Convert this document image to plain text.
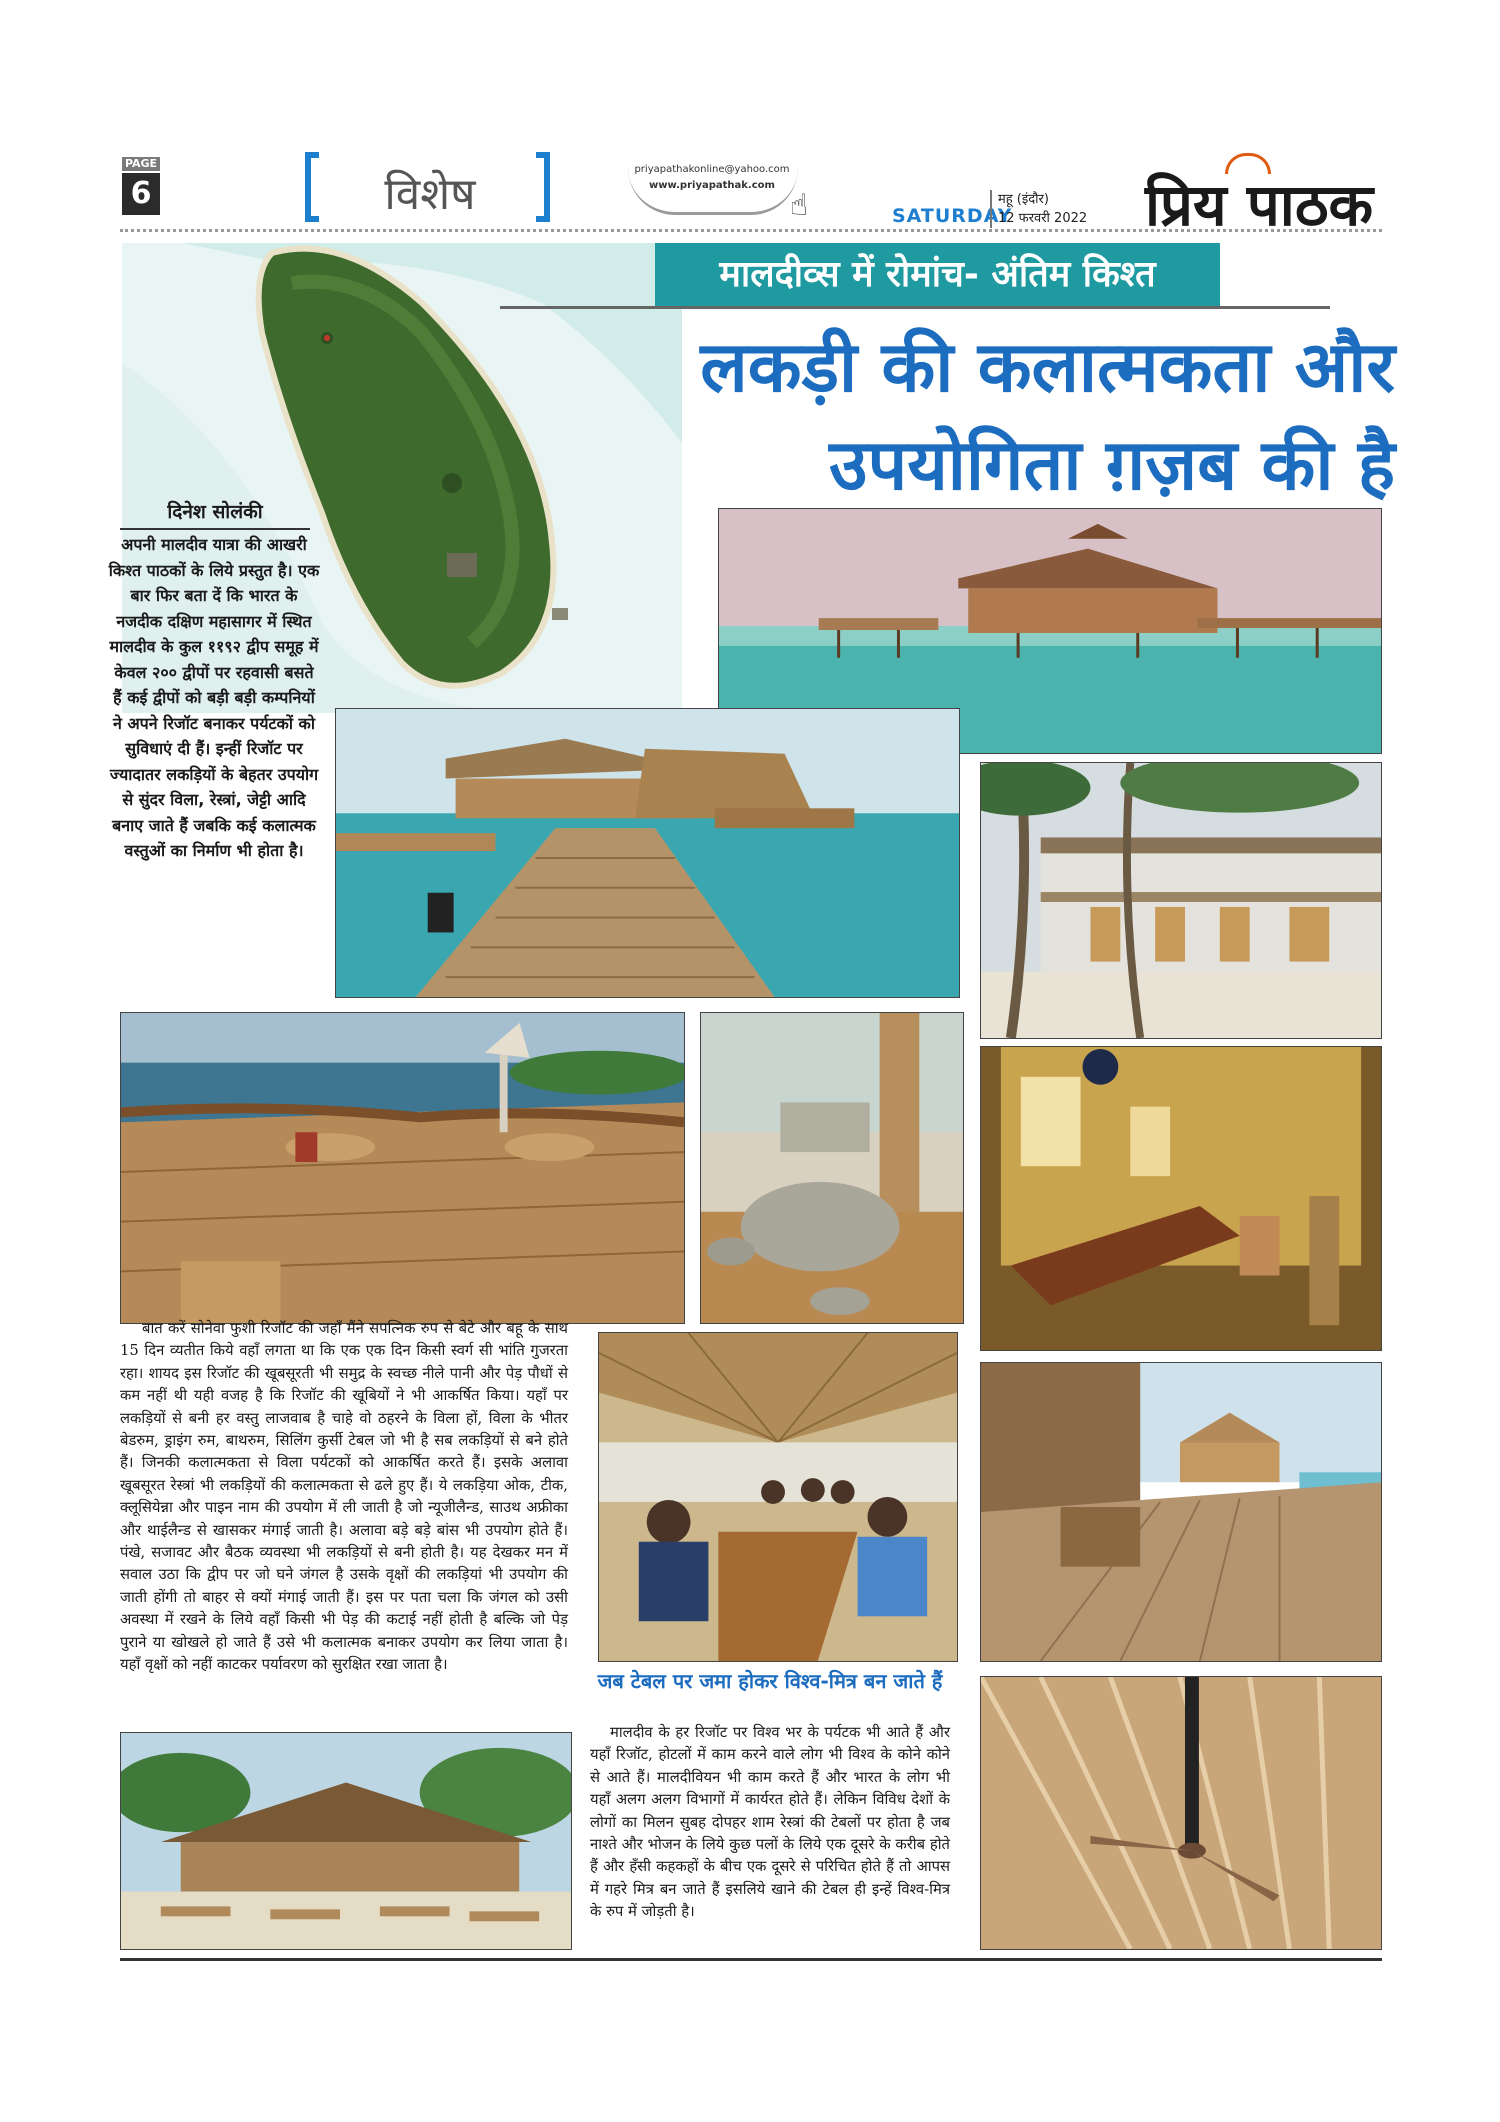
PAGE
6	विशेष	priyapathakonline@yahoo.com
www.priyapathak.com
☝	SATURDAY
महू (इंदौर)
12 फरवरी 2022 प्रिय पाठक
मालदीव्स में रोमांच- अंतिम किश्त
लकड़ी की कलात्मकता और
उपयोगिता ग़ज़ब की है
दिनेश सोलंकी
अपनी मालदीव यात्रा की आखरी किश्त पाठकों के लिये प्रस्तुत है। एक बार फिर बता दें कि भारत के नजदीक दक्षिण महासागर में स्थित मालदीव के कुल ११९२ द्वीप समूह में केवल २०० द्वीपों पर रहवासी बसते हैं कई द्वीपों को बड़ी बड़ी कम्पनियों ने अपने रिजॉट बनाकर पर्यटकों को सुविधाएं दी हैं। इन्हीं रिजॉट पर ज्यादातर लकड़ियों के बेहतर उपयोग से सुंदर विला, रेस्त्रां, जेट्टी आदि बनाए जाते हैं जबकि कई कलात्मक वस्तुओं का निर्माण भी होता है।
बात करें सोनेवा फुशी रिजॉट की जहाँ मैंने सपत्निक रुप से बेटे और बहू के साथ 15 दिन व्यतीत किये वहाँ लगता था कि एक एक दिन किसी स्वर्ग सी भांति गुजरता रहा। शायद इस रिजॉट की खूबसूरती भी समुद्र के स्वच्छ नीले पानी और पेड़ पौधों से कम नहीं थी यही वजह है कि रिजॉट की खूबियों ने भी आकर्षित किया। यहाँ पर लकड़ियों से बनी हर वस्तु लाजवाब है चाहे वो ठहरने के विला हों, विला के भीतर बेडरुम, ड्राइंग रुम, बाथरुम, सिलिंग कुर्सी टेबल जो भी है सब लकड़ियों से बने होते हैं। जिनकी कलात्मकता से विला पर्यटकों को आकर्षित करते हैं। इसके अलावा खूबसूरत रेस्त्रां भी लकड़ियों की कलात्मकता से ढले हुए हैं। ये लकड़िया ओक, टीक, क्लूसियेन्ना और पाइन नाम की उपयोग में ली जाती है जो न्यूजीलैन्ड, साउथ अफ्रीका और थाईलैन्ड से खासकर मंगाई जाती है। अलावा बड़े बड़े बांस भी उपयोग होते हैं। पंखे, सजावट और बैठक व्यवस्था भी लकड़ियों से बनी होती है। यह देखकर मन में सवाल उठा कि द्वीप पर जो घने जंगल है उसके वृक्षों की लकड़ियां भी उपयोग की जाती होंगी तो बाहर से क्यों मंगाई जाती हैं। इस पर पता चला कि जंगल को उसी अवस्था में रखने के लिये वहाँ किसी भी पेड़ की कटाई नहीं होती है बल्कि जो पेड़ पुराने या खोखले हो जाते हैं उसे भी कलात्मक बनाकर उपयोग कर लिया जाता है। यहाँ वृक्षों को नहीं काटकर पर्यावरण को सुरक्षित रखा जाता है।
जब टेबल पर जमा होकर विश्व-मित्र बन जाते हैं
मालदीव के हर रिजॉट पर विश्व भर के पर्यटक भी आते हैं और यहाँ रिजॉट, होटलों में काम करने वाले लोग भी विश्व के कोने कोने से आते हैं। मालदीवियन भी काम करते हैं और भारत के लोग भी यहाँ अलग अलग विभागों में कार्यरत होते हैं। लेकिन विविध देशों के लोगों का मिलन सुबह दोपहर शाम रेस्त्रां की टेबलों पर होता है जब नाश्ते और भोजन के लिये कुछ पलों के लिये एक दूसरे के करीब होते हैं और हँसी कहकहों के बीच एक दूसरे से परिचित होते हैं तो आपस में गहरे मित्र बन जाते हैं इसलिये खाने की टेबल ही इन्हें विश्व-मित्र के रुप में जोड़ती है।
